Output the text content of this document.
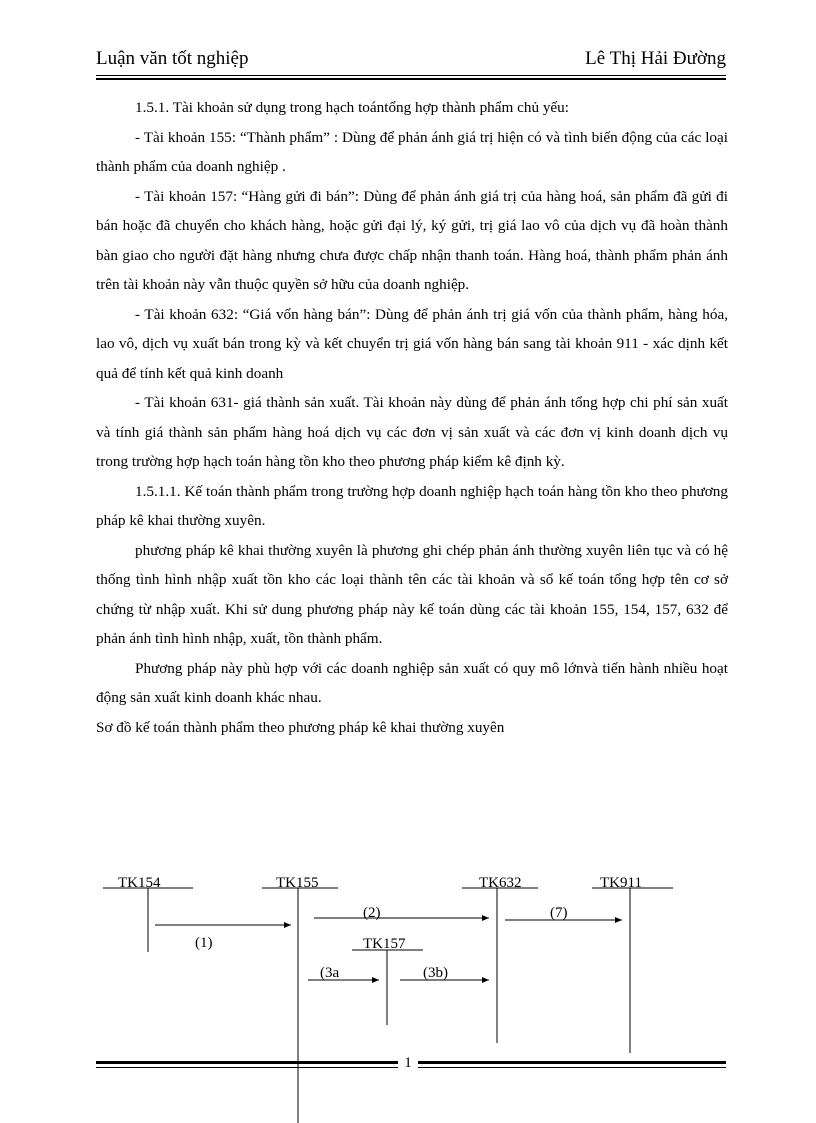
Luận văn tốt nghiệp	Lê Thị Hải Đường

1.5.1. Tài khoản sử dụng trong hạch toántổng hợp thành phẩm chủ yếu:

- Tài khoản 155: “Thành phẩm” : Dùng để phản ánh giá trị hiện có và tình biến động của các loại thành phẩm của doanh nghiệp .

- Tài khoản 157: “Hàng gửi đi bán”: Dùng để phản ánh giá trị của hàng hoá, sản phẩm đã gửi đi bán hoặc đã chuyển cho khách hàng, hoặc gửi đại lý, ký gửi, trị giá lao vô của dịch vụ đã hoàn thành bàn giao cho người đặt hàng nhưng chưa được chấp nhận thanh toán. Hàng hoá, thành phẩm phản ánh trên tài khoản này vẫn thuộc quyền sở hữu của doanh nghiệp.

- Tài khoản 632: “Giá vốn hàng bán”: Dùng để phản ánh trị giá vốn của thành phẩm, hàng hóa, lao vô, dịch vụ xuất bán trong kỳ và kết chuyển trị giá vốn hàng bán sang tài khoản 911 - xác dịnh kết quả để tính kết quả kinh doanh

- Tài khoản 631- giá thành sản xuất. Tài khoản này dùng để phản ánh tổng hợp chi phí sản xuất và tính giá thành sản phẩm hàng hoá dịch vụ các đơn vị sản xuất và các đơn vị kinh doanh dịch vụ trong trường hợp hạch toán hàng tồn kho theo phương pháp kiểm kê định kỳ.

1.5.1.1. Kế toán thành phẩm trong trường hợp doanh nghiệp hạch toán hàng tồn kho theo phương pháp kê khai thường xuyên.

phương pháp kê khai thường xuyên là phương ghi chép phản ánh thường xuyên liên tục và có hệ thống tình hình nhập xuất tồn kho các loại thành tên các tài khoản và sổ kế toán tổng hợp tên cơ sở chứng từ nhập xuất. Khi sử dung phương pháp này kế toán dùng các tài khoản 155, 154, 157, 632 để phản ánh tình hình nhập, xuất, tồn thành phẩm.

Phương pháp này phù hợp với các doanh nghiệp sản xuất có quy mô lớnvà tiến hành nhiều hoạt động sản xuất kinh doanh khác nhau.

Sơ đồ kế toán thành phẩm theo phương pháp kê khai thường xuyên

TK154	TK155	TK632	TK911
TK157
(1)
(2)	(7)
(3a	(3b)
1
